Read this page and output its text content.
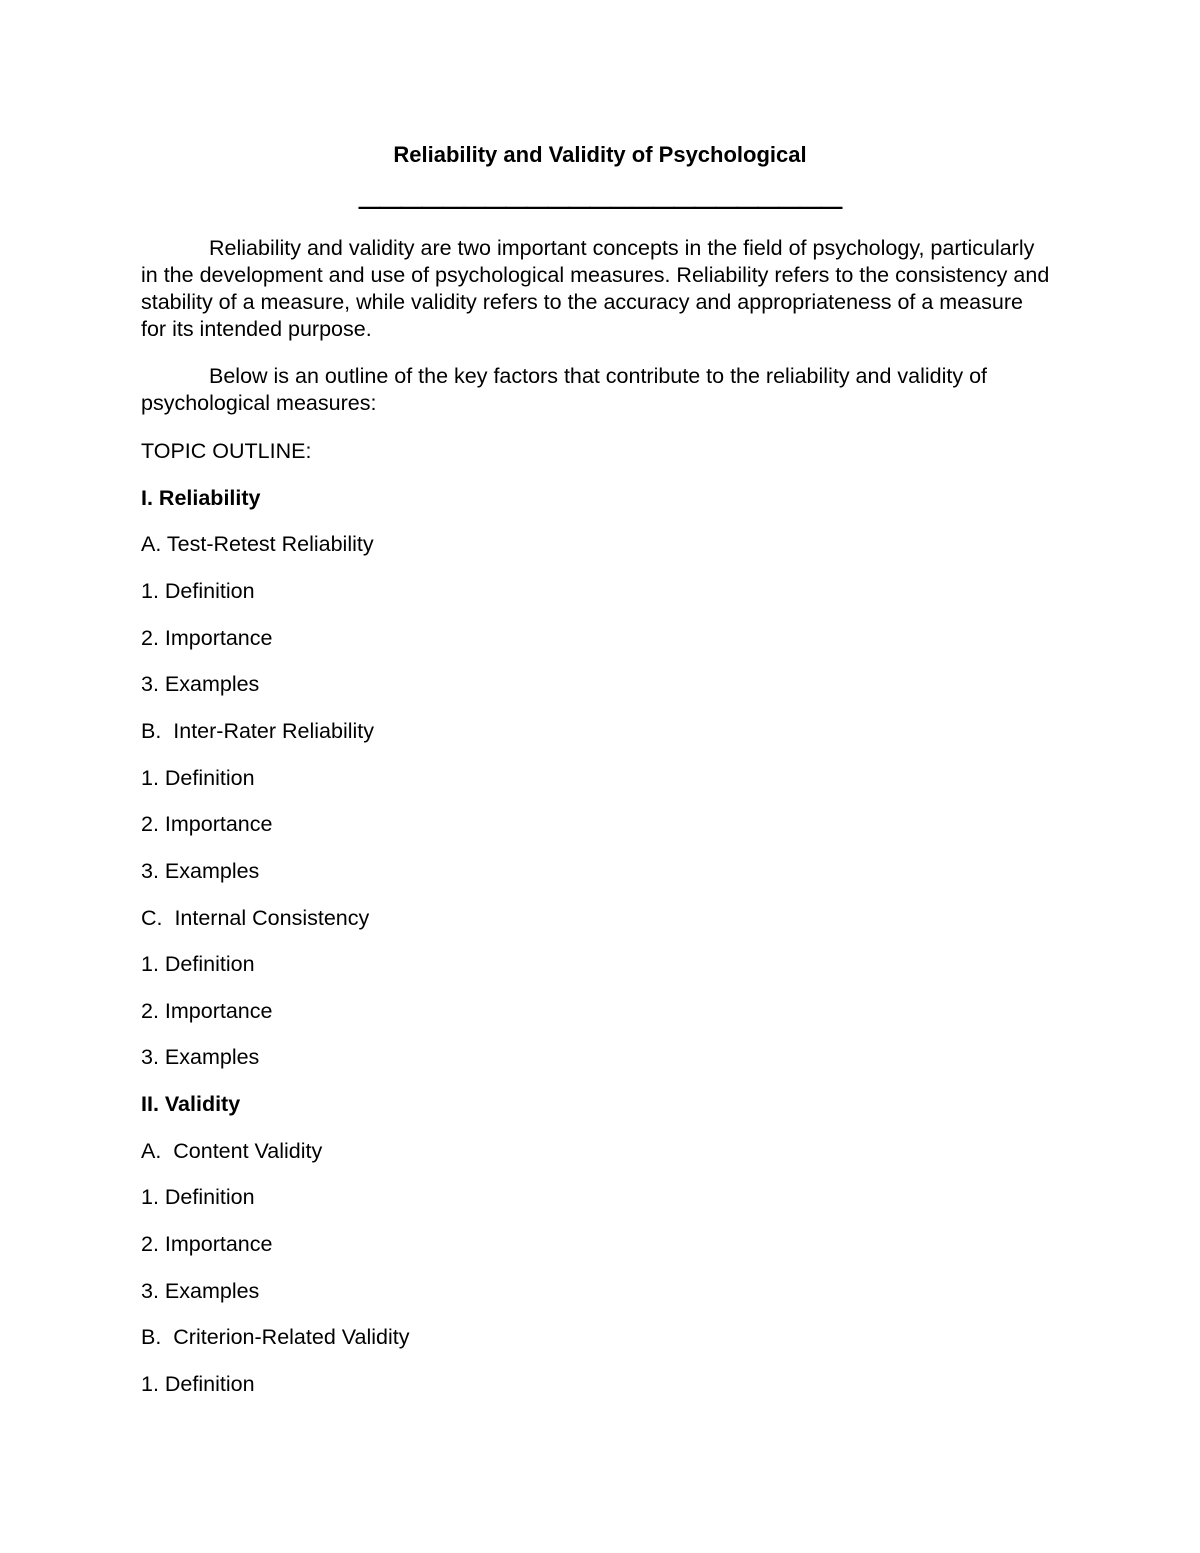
Reliability and Validity of Psychological
———————————————————————

Reliability and validity are two important concepts in the field of psychology, particularly in the development and use of psychological measures. Reliability refers to the consistency and stability of a measure, while validity refers to the accuracy and appropriateness of a measure for its intended purpose.

Below is an outline of the key factors that contribute to the reliability and validity of psychological measures:

TOPIC OUTLINE:
I. Reliability
A. Test-Retest Reliability
1. Definition
2. Importance
3. Examples
B.  Inter-Rater Reliability
1. Definition
2. Importance
3. Examples
C.  Internal Consistency
1. Definition
2. Importance
3. Examples
II. Validity
A.  Content Validity
1. Definition
2. Importance
3. Examples
B.  Criterion-Related Validity
1. Definition
